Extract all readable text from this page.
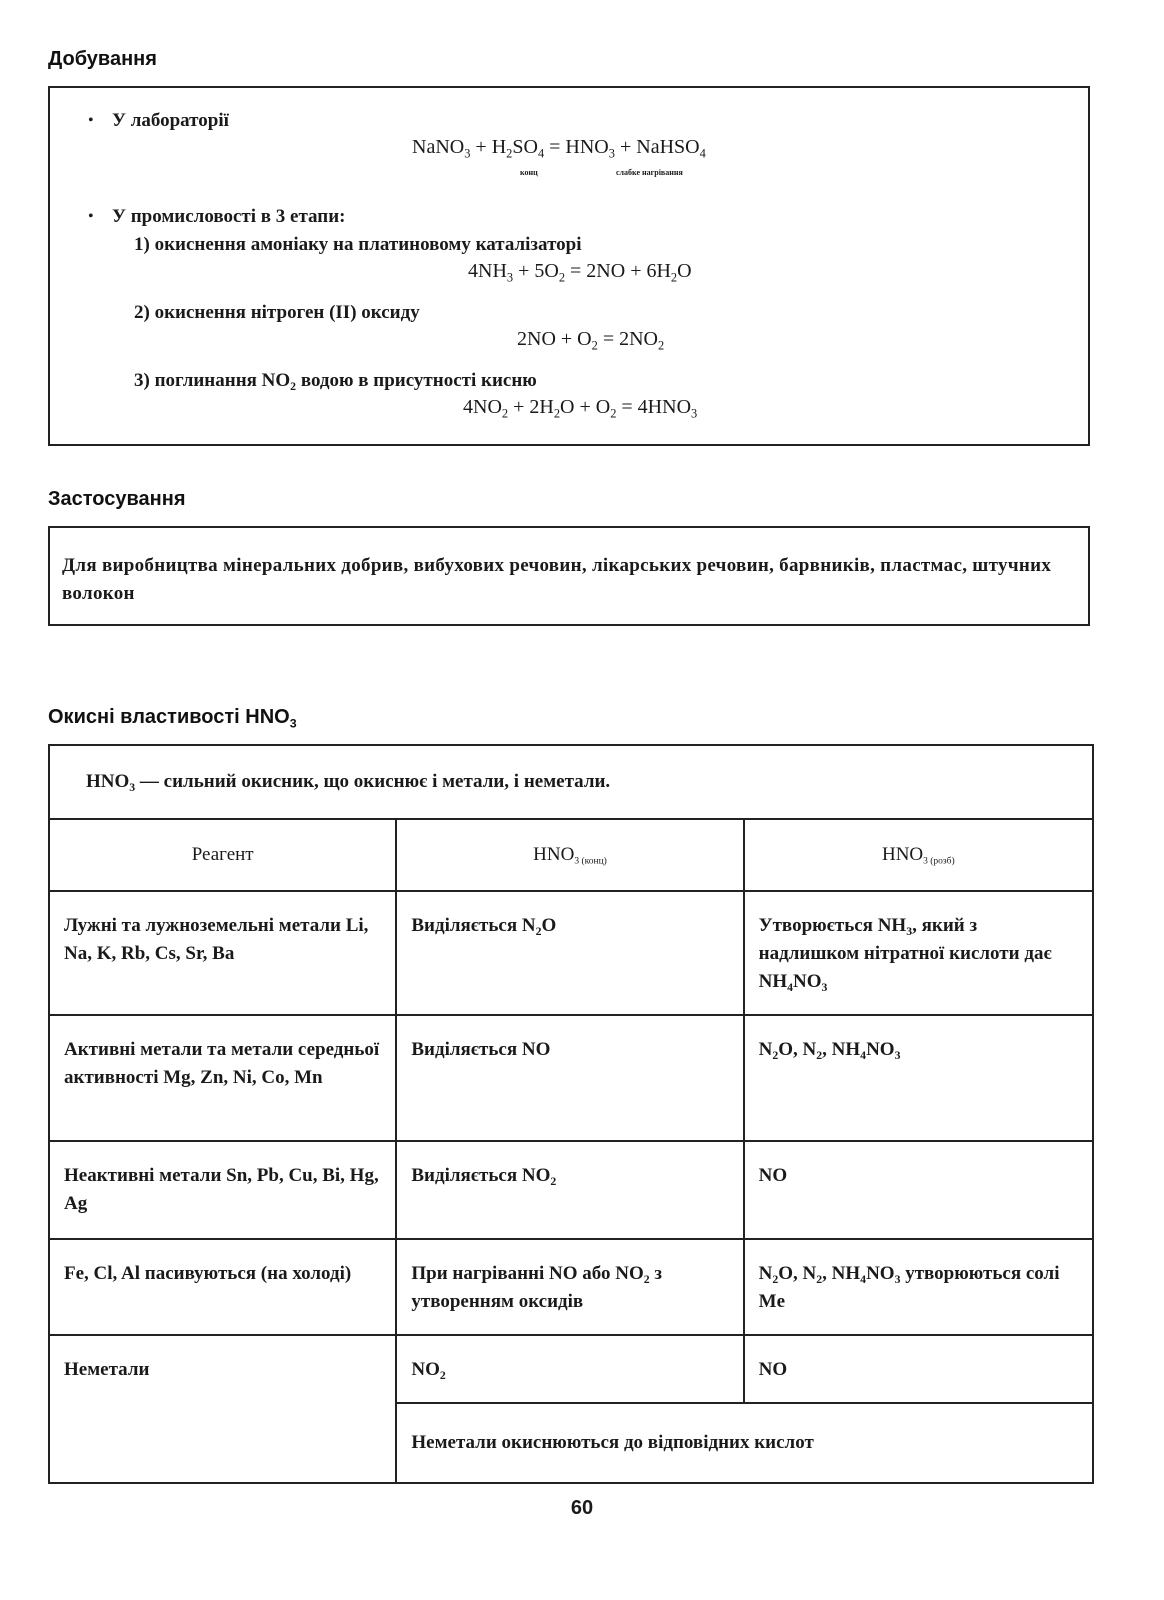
Добування
• У лабораторії
NaNO$_3$ + $H_2SO_4 = HNO_3$ + NaHSO$_4$
конц	слабке нагрівання
• У промисловості в 3 етапи:
1) окиснення амоніаку на платиновому каталізаторі
$4NH_3 + 5O_2 = 2NO + 6H_2O$
2) окиснення нітроген (II) оксиду
$2NO + O_2 = 2NO_2$
3) поглинання $NO_2$ водою в присутності кисню
$4NO_2 + 2H_2O + O_2 = 4HNO_3$
Застосування

Для виробництва мінеральних добрив, вибухових речовин, лікарських речовин, барвників, пластмас, штучних волокон

Окисні властивості $HNO_3$
$HNO_3$ — сильний окисник, що окиснює і метали, і неметали.		
Реагент	$HNO_{3 (конц)}$	$HNO_{3 (розб)}$
Лужні та лужноземельні метали Li, Na, K, Rb, Cs, Sr, Ba	Виділяється $N_2O$	Утворюється $NH_3$, який з надлишком нітратної кислоти дає $NH_4NO_3$
Активні метали та метали середньої активності Mg, Zn, Ni, Co, Mn	Виділяється NO	$N_2O$, $N_2$, $NH_4NO_3$
Неактивні метали Sn, Pb, Cu, Bi, Hg, Ag	Виділяється $NO_2$	NO
Fe, Cl, Al пасивуються (на холоді)	При нагріванні NO або $NO_2$ з утворенням оксидів	$N_2O$, $N_2$, $NH_4NO_3$ утворюються солі Me
Неметали	$NO_2$	NO
	Неметали окиснюються до відповідних кислот	
60
